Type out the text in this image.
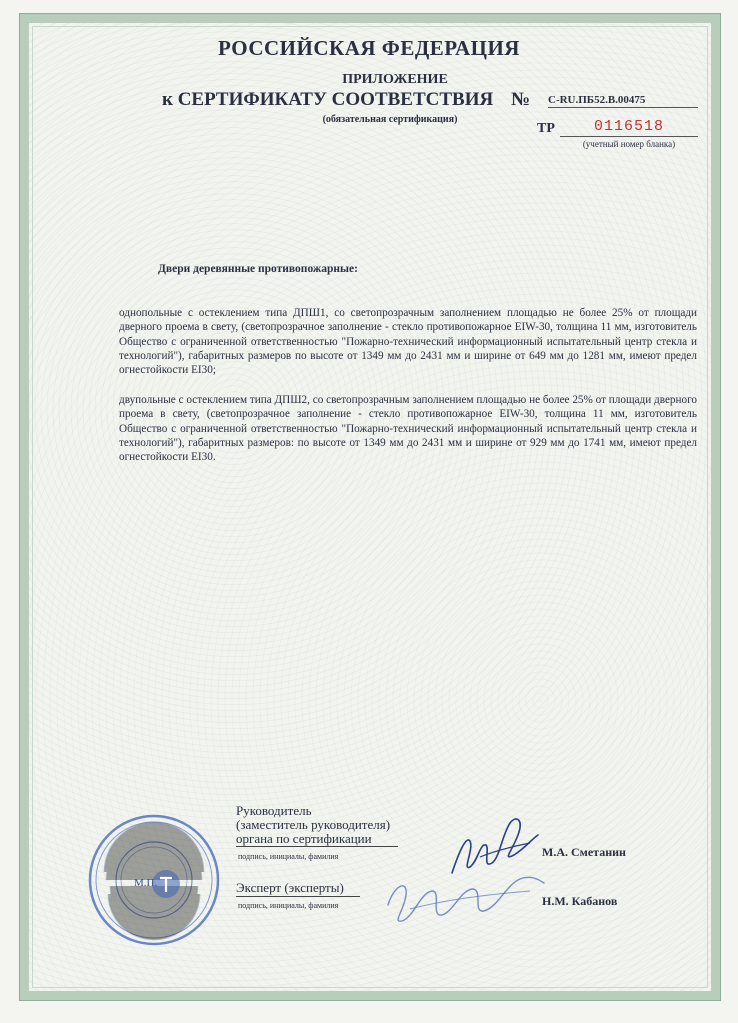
РОССИЙСКАЯ ФЕДЕРАЦИЯ
ПРИЛОЖЕНИЕ
к СЕРТИФИКАТУ СООТВЕТСТВИЯ № C-RU.ПБ52.В.00475
(обязательная сертификация)
ТР	0116518
(учетный номер бланка)
Двери деревянные противопожарные:
однопольные с остеклением типа ДПШ1, со светопрозрачным заполнением площадью не более 25% от площади дверного проема в свету, (светопрозрачное заполнение - стекло противопожарное EIW-30, толщина 11 мм, изготовитель Общество с ограниченной ответственностью "Пожарно-технический информационный испытательный центр стекла и технологий"), габаритных размеров по высоте от 1349 мм до 2431 мм и ширине от 649 мм до 1281 мм, имеют предел огнестойкости EI30;
двупольные с остеклением типа ДПШ2, со светопрозрачным заполнением площадью не более 25% от площади дверного проема в свету, (светопрозрачное заполнение - стекло противопожарное EIW-30, толщина 11 мм, изготовитель Общество с ограниченной ответственностью "Пожарно-технический информационный испытательный центр стекла и технологий"), габаритных размеров: по высоте от 1349 мм до 2431 мм и ширине от 929 мм до 1741 мм, имеют предел огнестойкости EI30.
М.П.
Руководитель
(заместитель руководителя)
органа по сертификации
подпись, инициалы, фамилия	М.А. Сметанин
Эксперт (эксперты)
подпись, инициалы, фамилия	Н.М. Кабанов
